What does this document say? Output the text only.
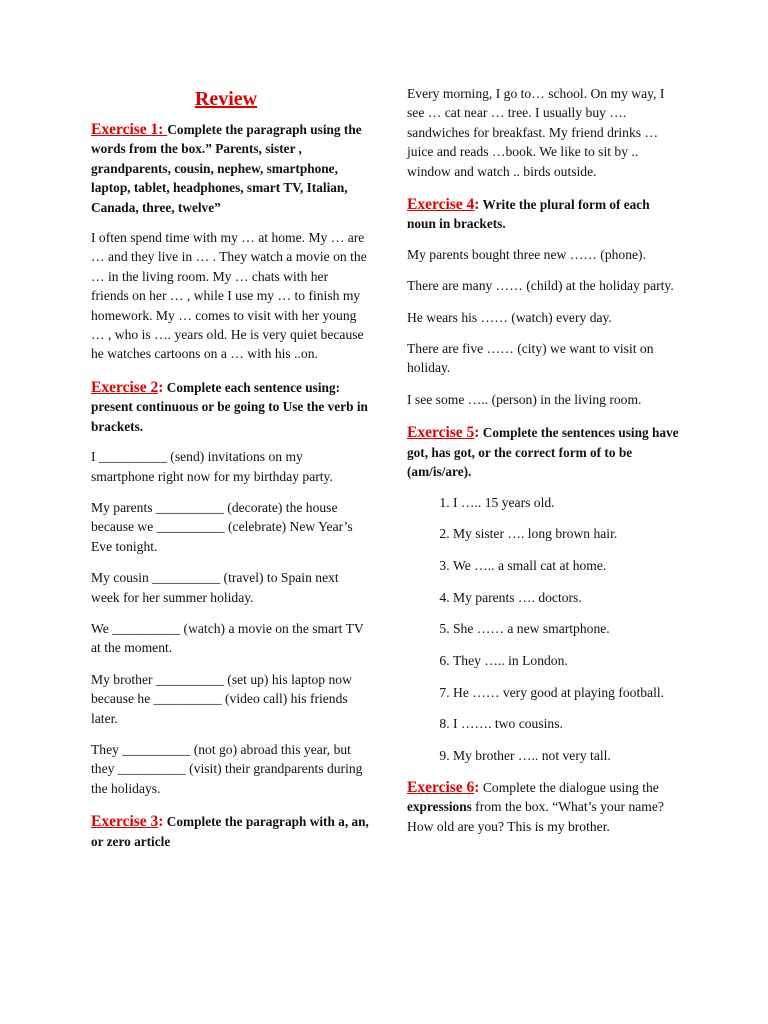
Review

Exercise 1: Complete the paragraph using the words from the box.” Parents, sister , grandparents, cousin, nephew, smartphone, laptop, tablet, headphones, smart TV, Italian, Canada, three, twelve”

I often spend time with my … at home. My … are … and they live in … . They watch a movie on the … in the living room. My … chats with her friends on her … , while I use my … to finish my homework. My … comes to visit with her young … , who is …. years old. He is very quiet because he watches cartoons on a … with his ..on.

Exercise 2: Complete each sentence using: present continuous or be going to Use the verb in brackets.

I __________ (send) invitations on my smartphone right now for my birthday party.

My parents __________ (decorate) the house because we __________ (celebrate) New Year’s Eve tonight.

My cousin __________ (travel) to Spain next week for her summer holiday.

We __________ (watch) a movie on the smart TV at the moment.

My brother __________ (set up) his laptop now because he __________ (video call) his friends later.

They __________ (not go) abroad this year, but they __________ (visit) their grandparents during the holidays.

Exercise 3: Complete the paragraph with a, an, or zero article

Every morning, I go to… school. On my way, I see … cat near … tree. I usually buy …. sandwiches for breakfast. My friend drinks … juice and reads …book. We like to sit by .. window and watch .. birds outside.

Exercise 4: Write the plural form of each noun in brackets.

My parents bought three new …… (phone).

There are many …… (child) at the holiday party.

He wears his …… (watch) every day.

There are five …… (city) we want to visit on holiday.

I see some ….. (person) in the living room.

Exercise 5: Complete the sentences using have got, has got, or the correct form of to be (am/is/are).

1. I ….. 15 years old.
2. My sister …. long brown hair.
3. We ….. a small cat at home.
4. My parents …. doctors.
5. She …… a new smartphone.
6. They ….. in London.
7. He …… very good at playing football.
8. I ……. two cousins.
9. My brother ….. not very tall.

Exercise 6: Complete the dialogue using the expressions from the box. “What’s your name? How old are you? This is my brother.
